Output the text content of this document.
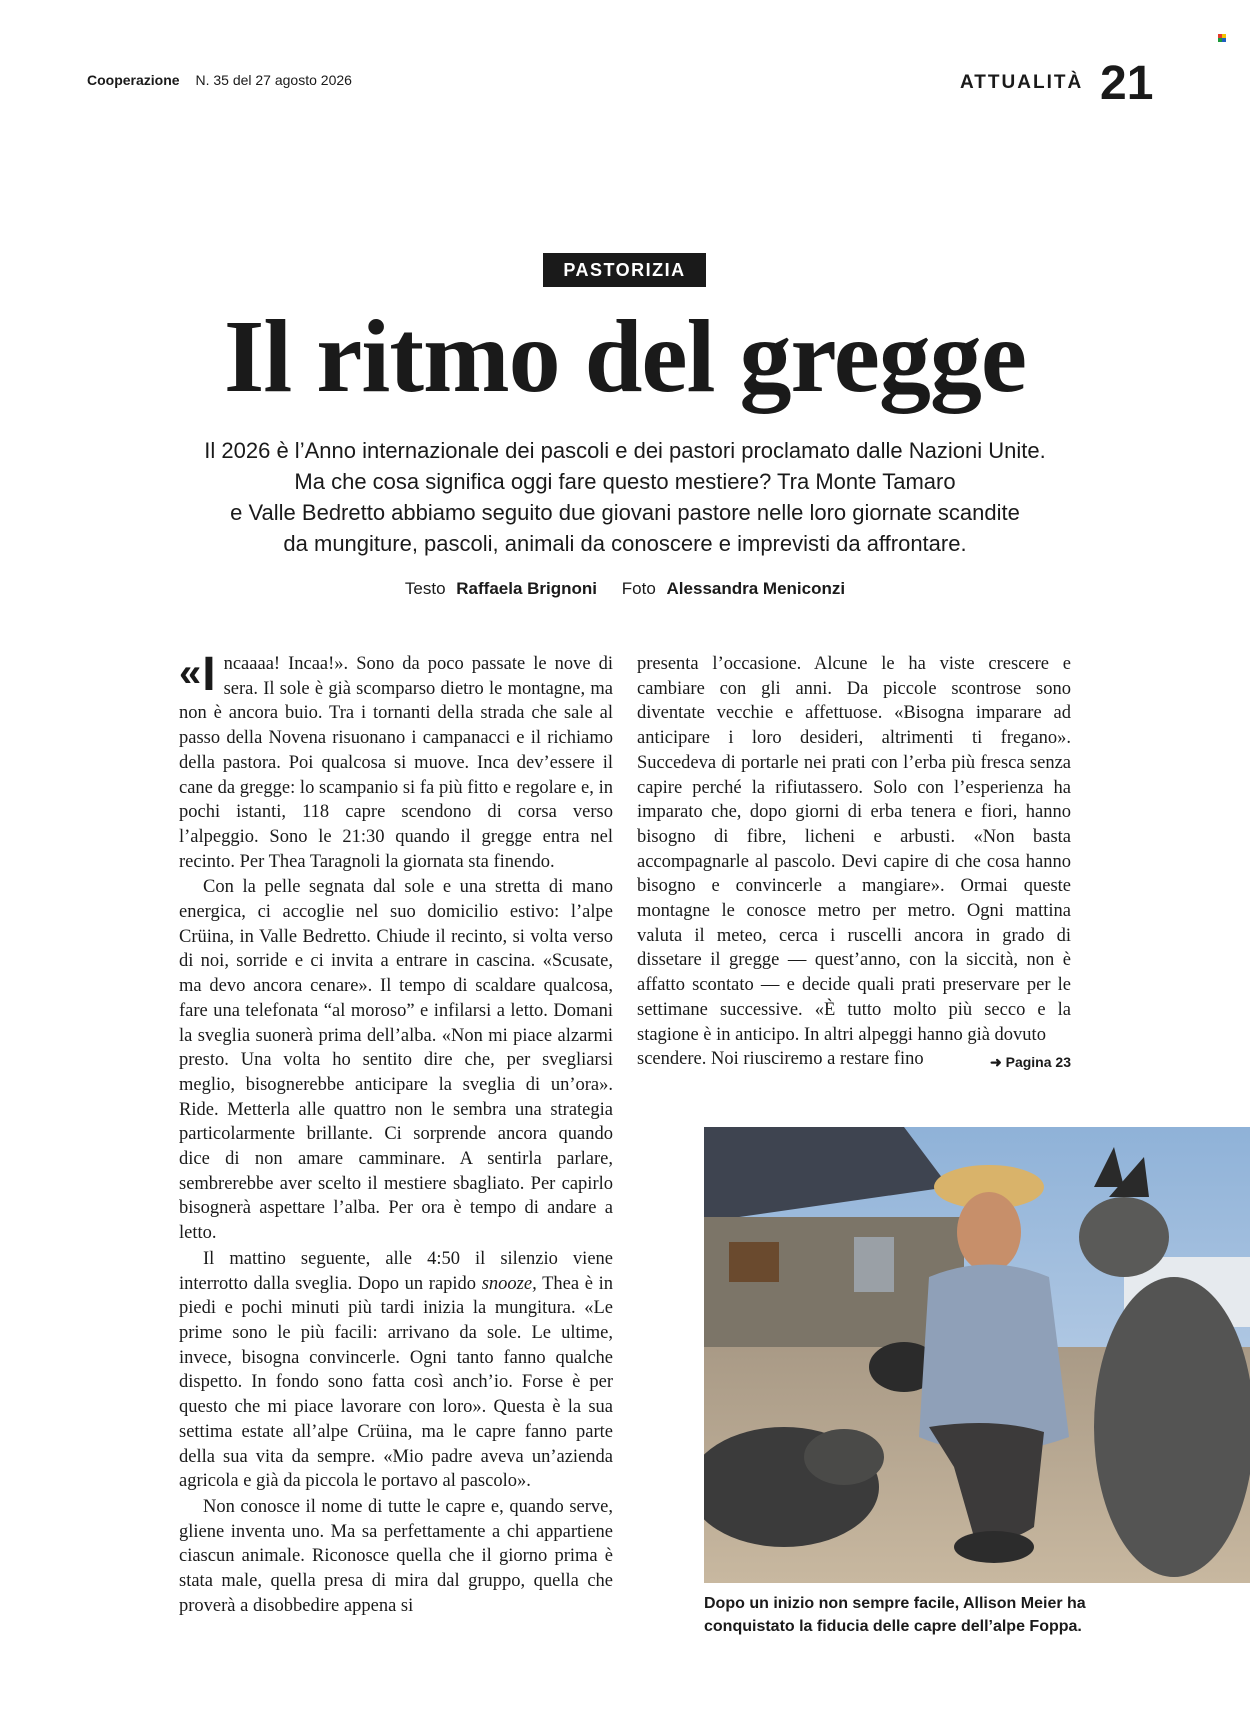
Cooperazione N. 35 del 27 agosto 2026	ATTUALITÀ 21
PASTORIZIA
Il ritmo del gregge
Il 2026 è l’Anno internazionale dei pascoli e dei pastori proclamato dalle Nazioni Unite.
Ma che cosa significa oggi fare questo mestiere? Tra Monte Tamaro
e Valle Bedretto abbiamo seguito due giovani pastore nelle loro giornate scandite
da mungiture, pascoli, animali da conoscere e imprevisti da affrontare.
Testo Raffaela Brignoni Foto Alessandra Meniconzi

« I ncaaaa! Incaa!». Sono da poco passate le nove di sera. Il sole è già scomparso dietro le montagne, ma non è ancora buio. Tra i tornanti della strada che sale al passo della Novena risuonano i campanacci e il richiamo della pastora. Poi qualcosa si muove. Inca dev’essere il cane da gregge: lo scampanio si fa più fitto e regolare e, in pochi istanti, 118 capre scendono di corsa verso l’alpeggio. Sono le 21:30 quando il gregge entra nel recinto. Per Thea Taragnoli la giornata sta finendo.

Con la pelle segnata dal sole e una stretta di mano energica, ci accoglie nel suo domicilio estivo: l’alpe Crüina, in Valle Bedretto. Chiude il recinto, si volta verso di noi, sorride e ci invita a entrare in cascina. «Scusate, ma devo ancora cenare». Il tempo di scaldare qualcosa, fare una telefonata “al moroso” e infilarsi a letto. Domani la sveglia suonerà prima dell’alba. «Non mi piace alzarmi presto. Una volta ho sentito dire che, per svegliarsi meglio, bisognerebbe anticipare la sveglia di un’ora». Ride. Metterla alle quattro non le sembra una strategia particolarmente brillante. Ci sorprende ancora quando dice di non amare camminare. A sentirla parlare, sembrerebbe aver scelto il mestiere sbagliato. Per capirlo bisognerà aspettare l’alba. Per ora è tempo di andare a letto.

Il mattino seguente, alle 4:50 il silenzio viene interrotto dalla sveglia. Dopo un rapido snooze, Thea è in piedi e pochi minuti più tardi inizia la mungitura. «Le prime sono le più facili: arrivano da sole. Le ultime, invece, bisogna convincerle. Ogni tanto fanno qualche dispetto. In fondo sono fatta così anch’io. Forse è per questo che mi piace lavorare con loro». Questa è la sua settima estate all’alpe Crüina, ma le capre fanno parte della sua vita da sempre. «Mio padre aveva un’azienda agricola e già da piccola le portavo al pascolo».

Non conosce il nome di tutte le capre e, quando serve, gliene inventa uno. Ma sa perfettamente a chi appartiene ciascun animale. Riconosce quella che il giorno prima è stata male, quella presa di mira dal gruppo, quella che proverà a disobbedire appena si

presenta l’occasione. Alcune le ha viste crescere e cambiare con gli anni. Da piccole scontrose sono diventate vecchie e affettuose. «Bisogna imparare ad anticipare i loro desideri, altrimenti ti fregano». Succedeva di portarle nei prati con l’erba più fresca senza capire perché la rifiutassero. Solo con l’esperienza ha imparato che, dopo giorni di erba tenera e fiori, hanno bisogno di fibre, licheni e arbusti. «Non basta accompagnarle al pascolo. Devi capire di che cosa hanno bisogno e convincerle a mangiare». Ormai queste montagne le conosce metro per metro. Ogni mattina valuta il meteo, cerca i ruscelli ancora in grado di dissetare il gregge — quest’anno, con la siccità, non è affatto scontato — e decide quali prati preservare per le settimane successive. «È tutto molto più secco e la stagione è in anticipo. In altri alpeggi hanno già dovuto

scendere. Noi riusciremo a restare fino	➜ Pagina 23

Dopo un inizio non sempre facile, Allison Meier ha conquistato la fiducia delle capre dell’alpe Foppa.
